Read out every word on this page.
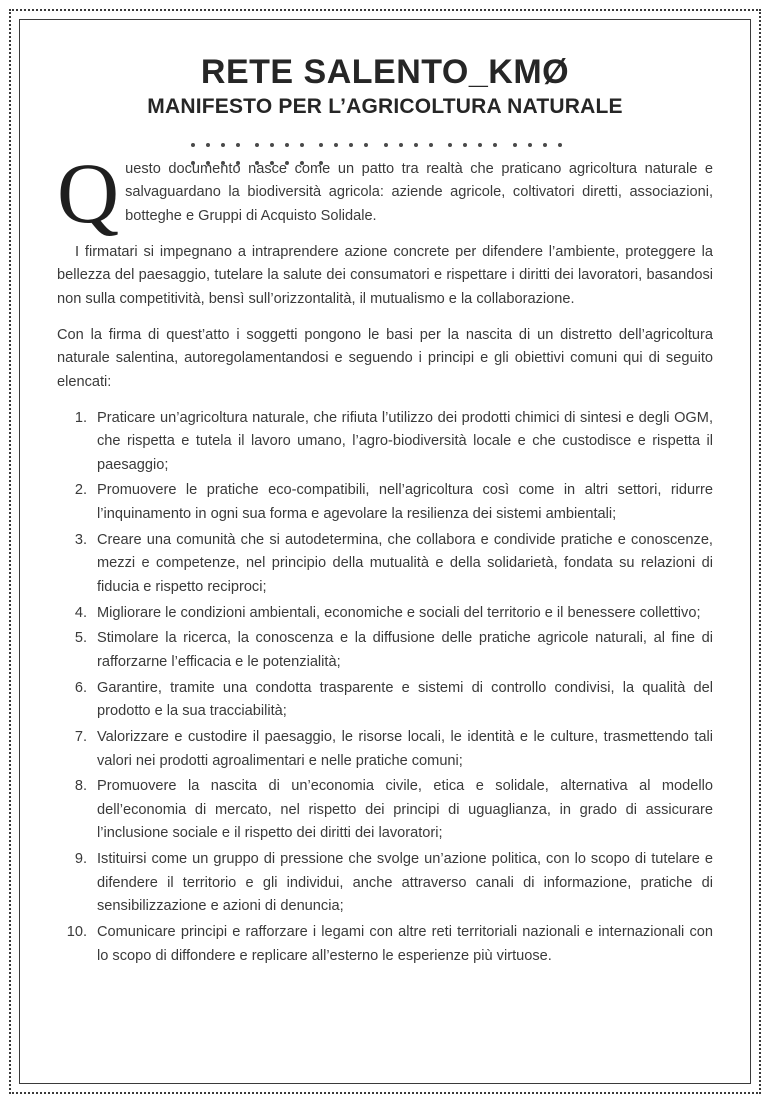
RETE SALENTO_KMØ
MANIFESTO PER L’AGRICOLTURA NATURALE

Q uesto documento nasce come un patto tra realtà che praticano agricoltura naturale e salvaguardano la biodiversità agricola: aziende agricole, coltivatori diretti, associazioni, botteghe e Gruppi di Acquisto Solidale.

I firmatari si impegnano a intraprendere azione concrete per difendere l’ambiente, proteggere la bellezza del paesaggio, tutelare la salute dei consumatori e rispettare i diritti dei lavoratori, basandosi non sulla competitività, bensì sull’orizzontalità, il mutualismo e la collaborazione.

Con la firma di quest’atto i soggetti pongono le basi per la nascita di un distretto dell’agricoltura naturale salentina, autoregolamentandosi e seguendo i principi e gli obiettivi comuni qui di seguito elencati:

Praticare un’agricoltura naturale, che rifiuta l’utilizzo dei prodotti chimici di sintesi e degli OGM, che rispetta e tutela il lavoro umano, l’agro-biodiversità locale e che custodisce e rispetta il paesaggio;
Promuovere le pratiche eco-compatibili, nell’agricoltura così come in altri settori, ridurre l’inquinamento in ogni sua forma e agevolare la resilienza dei sistemi ambientali;
Creare una comunità che si autodetermina, che collabora e condivide pratiche e conoscenze, mezzi e competenze, nel principio della mutualità e della solidarietà, fondata su relazioni di fiducia e rispetto reciproci;
Migliorare le condizioni ambientali, economiche e sociali del territorio e il benessere collettivo;
Stimolare la ricerca, la conoscenza e la diffusione delle pratiche agricole naturali, al fine di rafforzarne l’efficacia e le potenzialità;
Garantire, tramite una condotta trasparente e sistemi di controllo condivisi, la qualità del prodotto e la sua tracciabilità;
Valorizzare e custodire il paesaggio, le risorse locali, le identità e le culture, trasmettendo tali valori nei prodotti agroalimentari e nelle pratiche comuni;
Promuovere la nascita di un’economia civile, etica e solidale, alternativa al modello dell’economia di mercato, nel rispetto dei principi di uguaglianza, in grado di assicurare l’inclusione sociale e il rispetto dei diritti dei lavoratori;
Istituirsi come un gruppo di pressione che svolge un’azione politica, con lo scopo di tutelare e difendere il territorio e gli individui, anche attraverso canali di informazione, pratiche di sensibilizzazione e azioni di denuncia;
Comunicare principi e rafforzare i legami con altre reti territoriali nazionali e internazionali con lo scopo di diffondere e replicare all’esterno le esperienze più virtuose.
